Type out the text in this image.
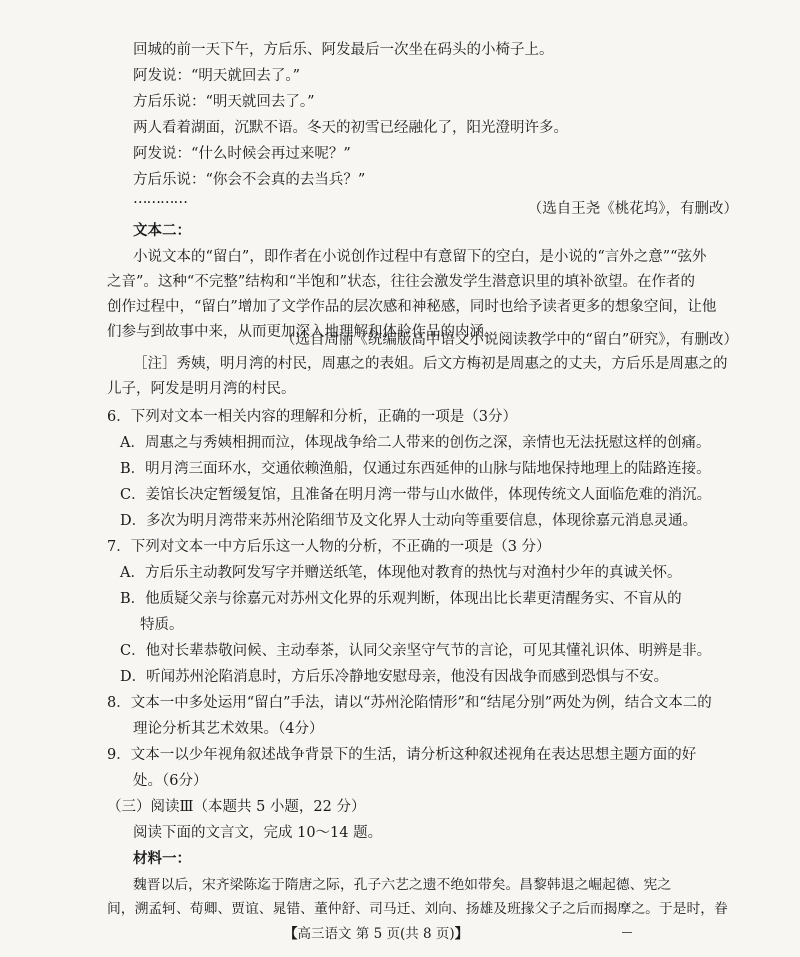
回城的前一天下午，方后乐、阿发最后一次坐在码头的小椅子上。
阿发说：“明天就回去了。”
方后乐说：“明天就回去了。”
两人看着湖面，沉默不语。冬天的初雪已经融化了，阳光澄明许多。
阿发说：“什么时候会再过来呢？”
方后乐说：“你会不会真的去当兵？”
…………
（选自王尧《桃花坞》，有删改）
文本二：
小说文本的“留白”，即作者在小说创作过程中有意留下的空白，是小说的“言外之意”“弦外
之音”。这种“不完整”结构和“半饱和”状态，往往会激发学生潜意识里的填补欲望。在作者的
创作过程中，“留白”增加了文学作品的层次感和神秘感，同时也给予读者更多的想象空间，让他
们参与到故事中来，从而更加深入地理解和体验作品的内涵。
（选自周丽《统编版高中语文小说阅读教学中的“留白”研究》，有删改）
［注］秀姨，明月湾的村民，周惠之的表姐。后文方梅初是周惠之的丈夫，方后乐是周惠之的
儿子，阿发是明月湾的村民。
6．下列对文本一相关内容的理解和分析，正确的一项是（3分）
A．周惠之与秀姨相拥而泣，体现战争给二人带来的创伤之深，亲情也无法抚慰这样的创痛。
B．明月湾三面环水，交通依赖渔船，仅通过东西延伸的山脉与陆地保持地理上的陆路连接。
C．姜馆长决定暂缓复馆，且准备在明月湾一带与山水做伴，体现传统文人面临危难的消沉。
D．多次为明月湾带来苏州沦陷细节及文化界人士动向等重要信息，体现徐嘉元消息灵通。
7．下列对文本一中方后乐这一人物的分析，不正确的一项是（3 分）
A．方后乐主动教阿发写字并赠送纸笔，体现他对教育的热忱与对渔村少年的真诚关怀。
B．他质疑父亲与徐嘉元对苏州文化界的乐观判断，体现出比长辈更清醒务实、不盲从的
特质。
C．他对长辈恭敬问候、主动奉茶，认同父亲坚守气节的言论，可见其懂礼识体、明辨是非。
D．听闻苏州沦陷消息时，方后乐冷静地安慰母亲，他没有因战争而感到恐惧与不安。
8．文本一中多处运用“留白”手法，请以“苏州沦陷情形”和“结尾分别”两处为例，结合文本二的
理论分析其艺术效果。（4分）
9．文本一以少年视角叙述战争背景下的生活，请分析这种叙述视角在表达思想主题方面的好
处。（6分）
（三）阅读Ⅲ（本题共 5 小题，22 分）
阅读下面的文言文，完成 10～14 题。
材料一：
魏晋以后，宋齐梁陈迄于隋唐之际，孔子六艺之遗不绝如带矣。昌黎韩退之崛起德、宪之
间，溯孟轲、荀卿、贾谊、晁错、董仲舒、司马迁、刘向、扬雄及班掾父子之后而揭摩之。于是时，眷
【高三语文 第 5 页(共 8 页)】
